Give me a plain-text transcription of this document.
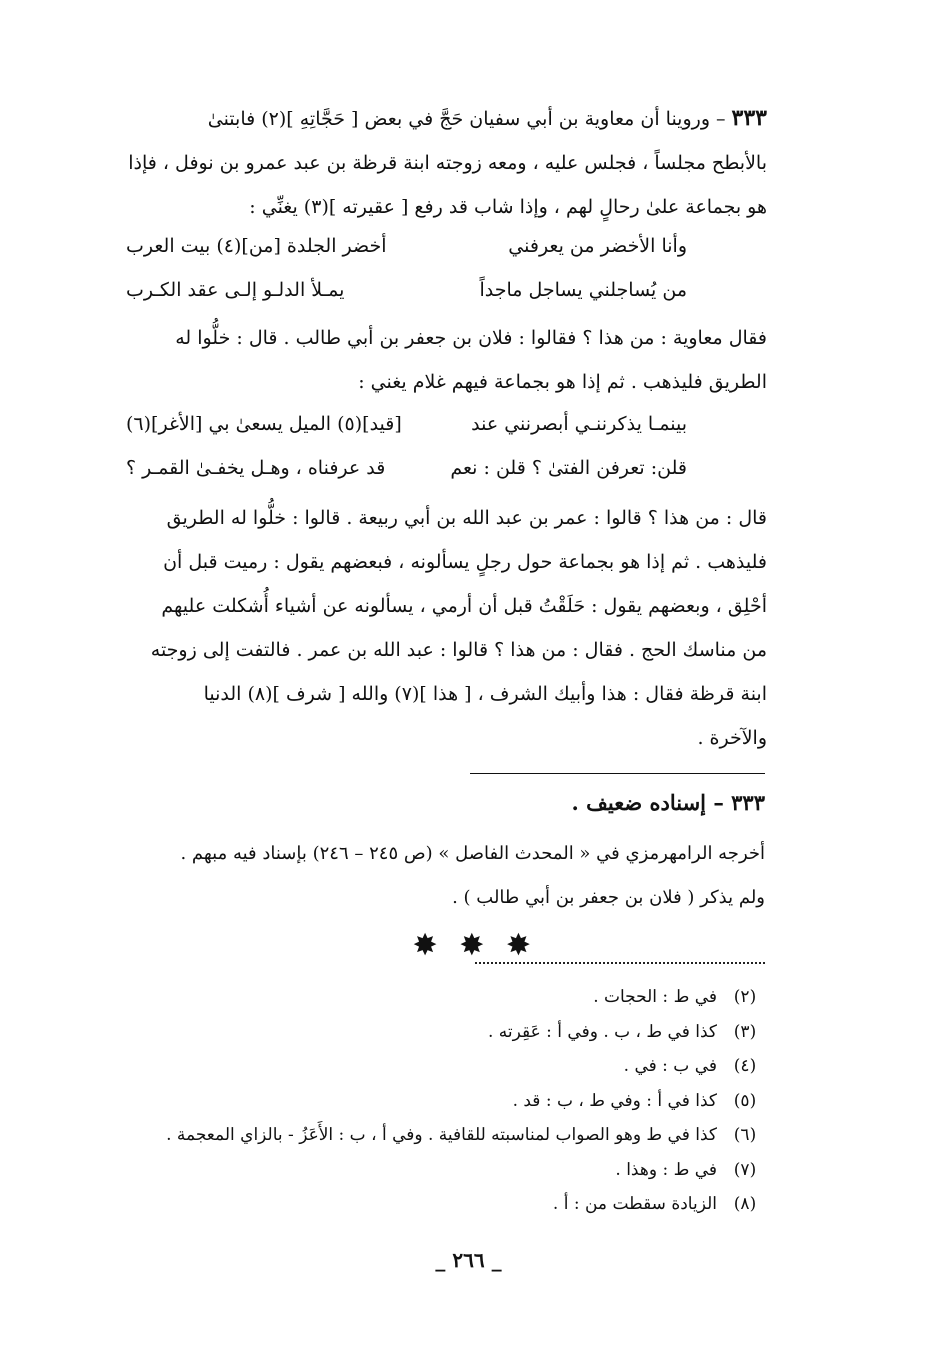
٣٣٣– وروينا أن معاوية بن أبي سفيان حَجَّ في بعض [ حَجَّاتِهِ ](٢) فابتنىٰ
بالأبطح مجلساً ، فجلس عليه ، ومعه زوجته ابنة قرظة بن عبد عمرو بن نوفل ، فإذا
هو بجماعة علىٰ رحالٍ لهم ، وإذا شاب قد رفع [ عقيرته ](٣) يغنِّي :
وأنا الأخضر من يعرفني
أخضر الجلدة [من](٤) بيت العرب
من يُساجلني يساجل ماجداً
يمـلأ الدلـو إلـى عقد الكـرب
فقال معاوية : من هذا ؟ فقالوا : فلان بن جعفر بن أبي طالب . قال : خلُّوا له
الطريق فليذهب . ثم إذا هو بجماعة فيهم غلام يغني :
بينمـا يذكرننـي أبصرنني عند
[قيد](٥) الميل يسعىٰ بي [الأغر](٦)
قلن: تعرفن الفتىٰ ؟ قلن : نعم
قد عرفناه ، وهـل يخفـىٰ القمـر ؟
قال : من هذا ؟ قالوا : عمر بن عبد الله بن أبي ربيعة . قالوا : خلُّوا له الطريق
فليذهب . ثم إذا هو بجماعة حول رجلٍ يسألونه ، فبعضهم يقول : رميت قبل أن
أحْلِق ، وبعضهم يقول : حَلَقْتُ قبل أن أرمي ، يسألونه عن أشياء أُشكلت عليهم
من مناسك الحج . فقال : من هذا ؟ قالوا : عبد الله بن عمر . فالتفت إلى زوجته
ابنة قرظة فقال : هذا وأبيك الشرف ، [ هذا ](٧) والله [ شرف ](٨) الدنيا
والآخرة .
٣٣٣ – إسناده ضعيف .
أخرجه الرامهرمزي في « المحدث الفاصل » (ص ٢٤٥ – ٢٤٦) بإسناد فيه مبهم .
ولم يذكر ( فلان بن جعفر بن أبي طالب ) .
✸ ✸ ✸
(٢)
في ط : الحجات .
(٣)
كذا في ط ، ب . وفي أ : عَقِرته .
(٤)
في ب : في .
(٥)
كذا في أ : وفي ط ، ب : قد .
(٦)
كذا في ط وهو الصواب لمناسبته للقافية . وفي أ ، ب : الأَعَزُ - بالزاي المعجمة .
(٧)
في ط : وهذا .
(٨)
الزيادة سقطت من : أ .
_ ٢٦٦ _
